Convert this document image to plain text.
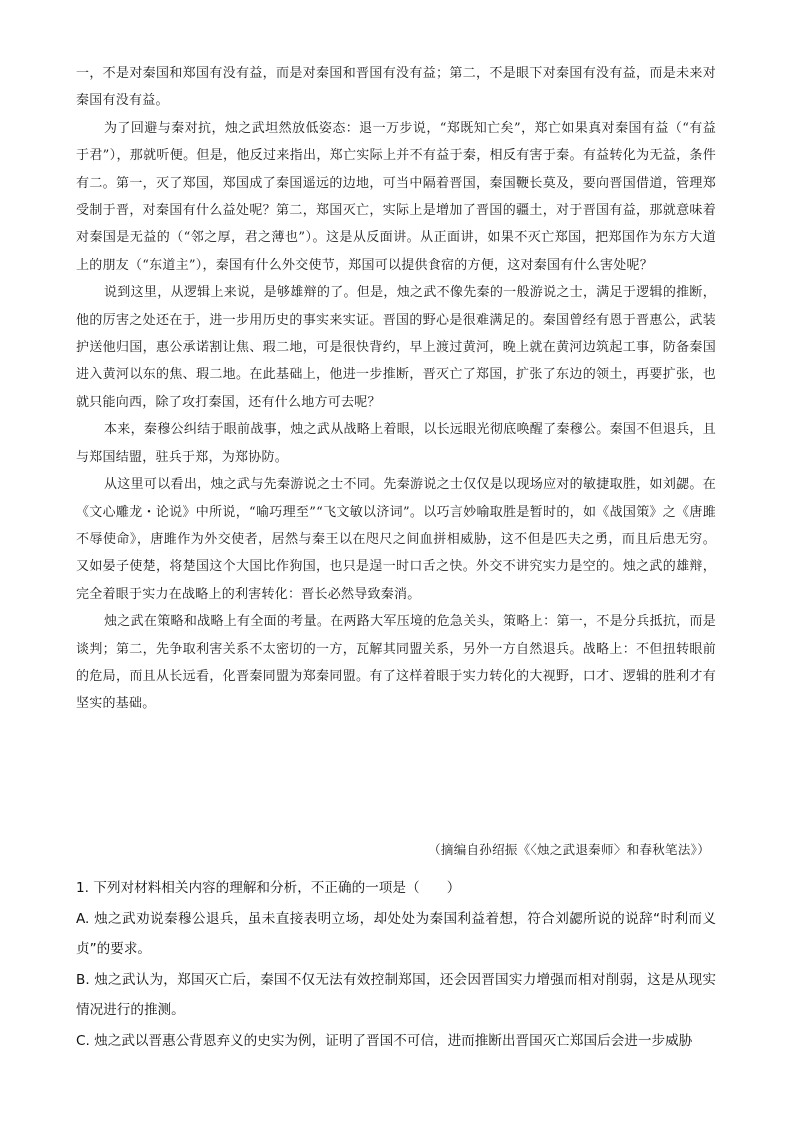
一，不是对秦国和郑国有没有益，而是对秦国和晋国有没有益；第二，不是眼下对秦国有没有益，而是未来对秦国有没有益。

为了回避与秦对抗，烛之武坦然放低姿态：退一万步说，“郑既知亡矣”，郑亡如果真对秦国有益（“有益于君”），那就听便。但是，他反过来指出，郑亡实际上并不有益于秦，相反有害于秦。有益转化为无益，条件有二。第一，灭了郑国，郑国成了秦国遥远的边地，可当中隔着晋国，秦国鞭长莫及，要向晋国借道，管理郑受制于晋，对秦国有什么益处呢？第二，郑国灭亡，实际上是增加了晋国的疆土，对于晋国有益，那就意味着对秦国是无益的（“邻之厚，君之薄也”）。这是从反面讲。从正面讲，如果不灭亡郑国，把郑国作为东方大道上的朋友（“东道主”），秦国有什么外交使节，郑国可以提供食宿的方便，这对秦国有什么害处呢？

说到这里，从逻辑上来说，是够雄辩的了。但是，烛之武不像先秦的一般游说之士，满足于逻辑的推断，他的厉害之处还在于，进一步用历史的事实来实证。晋国的野心是很难满足的。秦国曾经有恩于晋惠公，武装护送他归国，惠公承诺割让焦、瑕二地，可是很快背约，早上渡过黄河，晚上就在黄河边筑起工事，防备秦国进入黄河以东的焦、瑕二地。在此基础上，他进一步推断，晋灭亡了郑国，扩张了东边的领土，再要扩张，也就只能向西，除了攻打秦国，还有什么地方可去呢？

本来，秦穆公纠结于眼前战事，烛之武从战略上着眼，以长远眼光彻底唤醒了秦穆公。秦国不但退兵，且与郑国结盟，驻兵于郑，为郑协防。

从这里可以看出，烛之武与先秦游说之士不同。先秦游说之士仅仅是以现场应对的敏捷取胜，如刘勰。在《文心雕龙・论说》中所说，“喻巧理至”“飞文敏以济词”。以巧言妙喻取胜是暂时的，如《战国策》之《唐雎不辱使命》，唐雎作为外交使者，居然与秦王以在咫尺之间血拼相威胁，这不但是匹夫之勇，而且后患无穷。又如晏子使楚，将楚国这个大国比作狗国，也只是逞一时口舌之快。外交不讲究实力是空的。烛之武的雄辩，完全着眼于实力在战略上的利害转化：晋长必然导致秦消。

烛之武在策略和战略上有全面的考量。在两路大军压境的危急关头，策略上：第一，不是分兵抵抗，而是谈判；第二，先争取利害关系不太密切的一方，瓦解其同盟关系，另外一方自然退兵。战略上：不但扭转眼前的危局，而且从长远看，化晋秦同盟为郑秦同盟。有了这样着眼于实力转化的大视野，口才、逻辑的胜利才有坚实的基础。

（摘编自孙绍振《〈烛之武退秦师〉和春秋笔法》）

1. 下列对材料相关内容的理解和分析，不正确的一项是（　　）

A. 烛之武劝说秦穆公退兵，虽未直接表明立场，却处处为秦国利益着想，符合刘勰所说的说辞“时利而义贞”的要求。

B. 烛之武认为，郑国灭亡后，秦国不仅无法有效控制郑国，还会因晋国实力增强而相对削弱，这是从现实情况进行的推测。

C. 烛之武以晋惠公背恩弃义的史实为例，证明了晋国不可信，进而推断出晋国灭亡郑国后会进一步威胁
